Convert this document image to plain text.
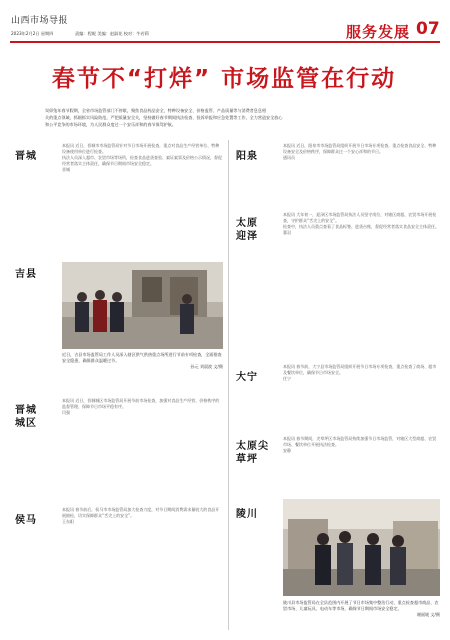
山西市场导报
2023年2月2日 星期四	责编：程妮 美编：赵淑花 校对：牛若莉	服务发展 07
春节不“打烊” 市场监管在行动
癸卯兔年春节假期，全省市场监管部门不停歇，聚焦食品药品安全、特种设备安全、价格监管、产品质量等与消费者息息相
关的重点领域，抓细抓实风险防范，严把质量安全关，坚持做好春节期间执法检查、投诉举报和应急处置等工作，全力营造安全放心
和公平竞争的市场环境，为人民群众度过一个安乐祥和的春节保驾护航。
晋城
本报讯 近日，晋城市市场监管局针对节日市场开展检查，重点对食品生产经营单位、特种设备使用单位进行检查。
执法人员深入超市、农贸市场等场所，检查食品进货查验、索证索票及价格公示情况，督促经营者落实主体责任，确保节日期间市场安全稳定。
晋城
阳泉
本报讯 近日，阳泉市市场监管局组织开展节日市场专项检查，重点检查食品安全、特种设备安全及价格秩序，保障群众过一个安心祥和的节日。
通讯员
太原迎泽
本报讯 大年初一，迎泽区市场监管局执法人员坚守岗位，对辖区商超、农贸市场开展检查，守护群众“舌尖上的安全”。
检查中，执法人员重点查看了食品标签、进货台账，督促经营者落实食品安全主体责任。
董羽
吉县
近日，吉县市场监管局工作人员深入辖区供气供热重点场所进行节前专项检查，全面排查安全隐患，确保群众温暖过节。
孙元 刘晨波 文/摄
大宁
本报讯 春节前，大宁县市场监管局组织开展节日市场专项检查，重点检查了商场、超市及餐饮单位，确保节日市场安全。
任宁
晋城城区
本报讯 近日，晋城城区市场监管局开展节前市场检查，加强对食品生产经营、价格秩序的监督管理，保障节日市场平稳有序。
闫强
太原尖草坪
本报讯 春节期间，尖草坪区市场监管局持续加强节日市场监管，对辖区大型商超、农贸市场、餐饮单位开展执法检查。
安静
侯马
本报讯 春节前后，侯马市市场监管局加大检查力度，对节日期间消费需求量较大的食品开展抽检，切实保障群众“舌尖上的安全”。
王东阳
陵川
陵川县市场监管局在全县范围内开展了节日市场集中整治行动，重点检查超市商品、农贸市场、儿童玩具、电动车等市场，确保节日期间市场安全稳定。
谢丽媛 文/摄
